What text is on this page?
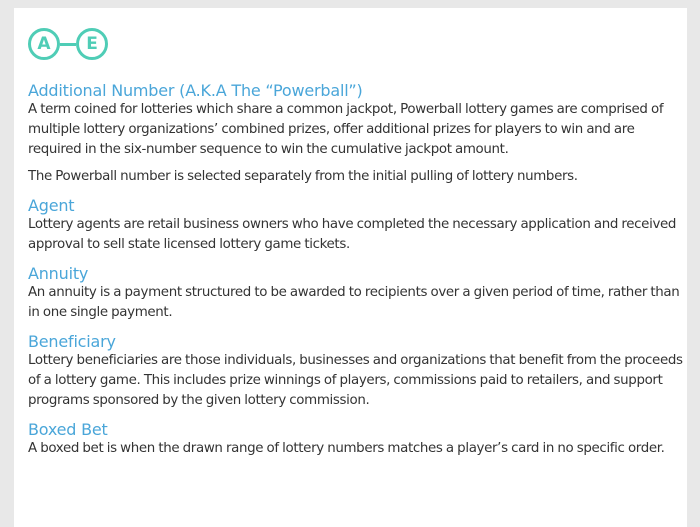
A	E
Additional Number (A.K.A The “Powerball”)

A term coined for lotteries which share a common jackpot, Powerball lottery games are comprised of multiple lottery organizations’ combined prizes, offer additional prizes for players to win and are required in the six-number sequence to win the cumulative jackpot amount.

The Powerball number is selected separately from the initial pulling of lottery numbers.

Agent

Lottery agents are retail business owners who have completed the necessary application and received approval to sell state licensed lottery game tickets.

Annuity

An annuity is a payment structured to be awarded to recipients over a given period of time, rather than in one single payment.

Beneficiary

Lottery beneficiaries are those individuals, businesses and organizations that benefit from the proceeds of a lottery game. This includes prize winnings of players, commissions paid to retailers, and support programs sponsored by the given lottery commission.

Boxed Bet

A boxed bet is when the drawn range of lottery numbers matches a player’s card in no specific order.
